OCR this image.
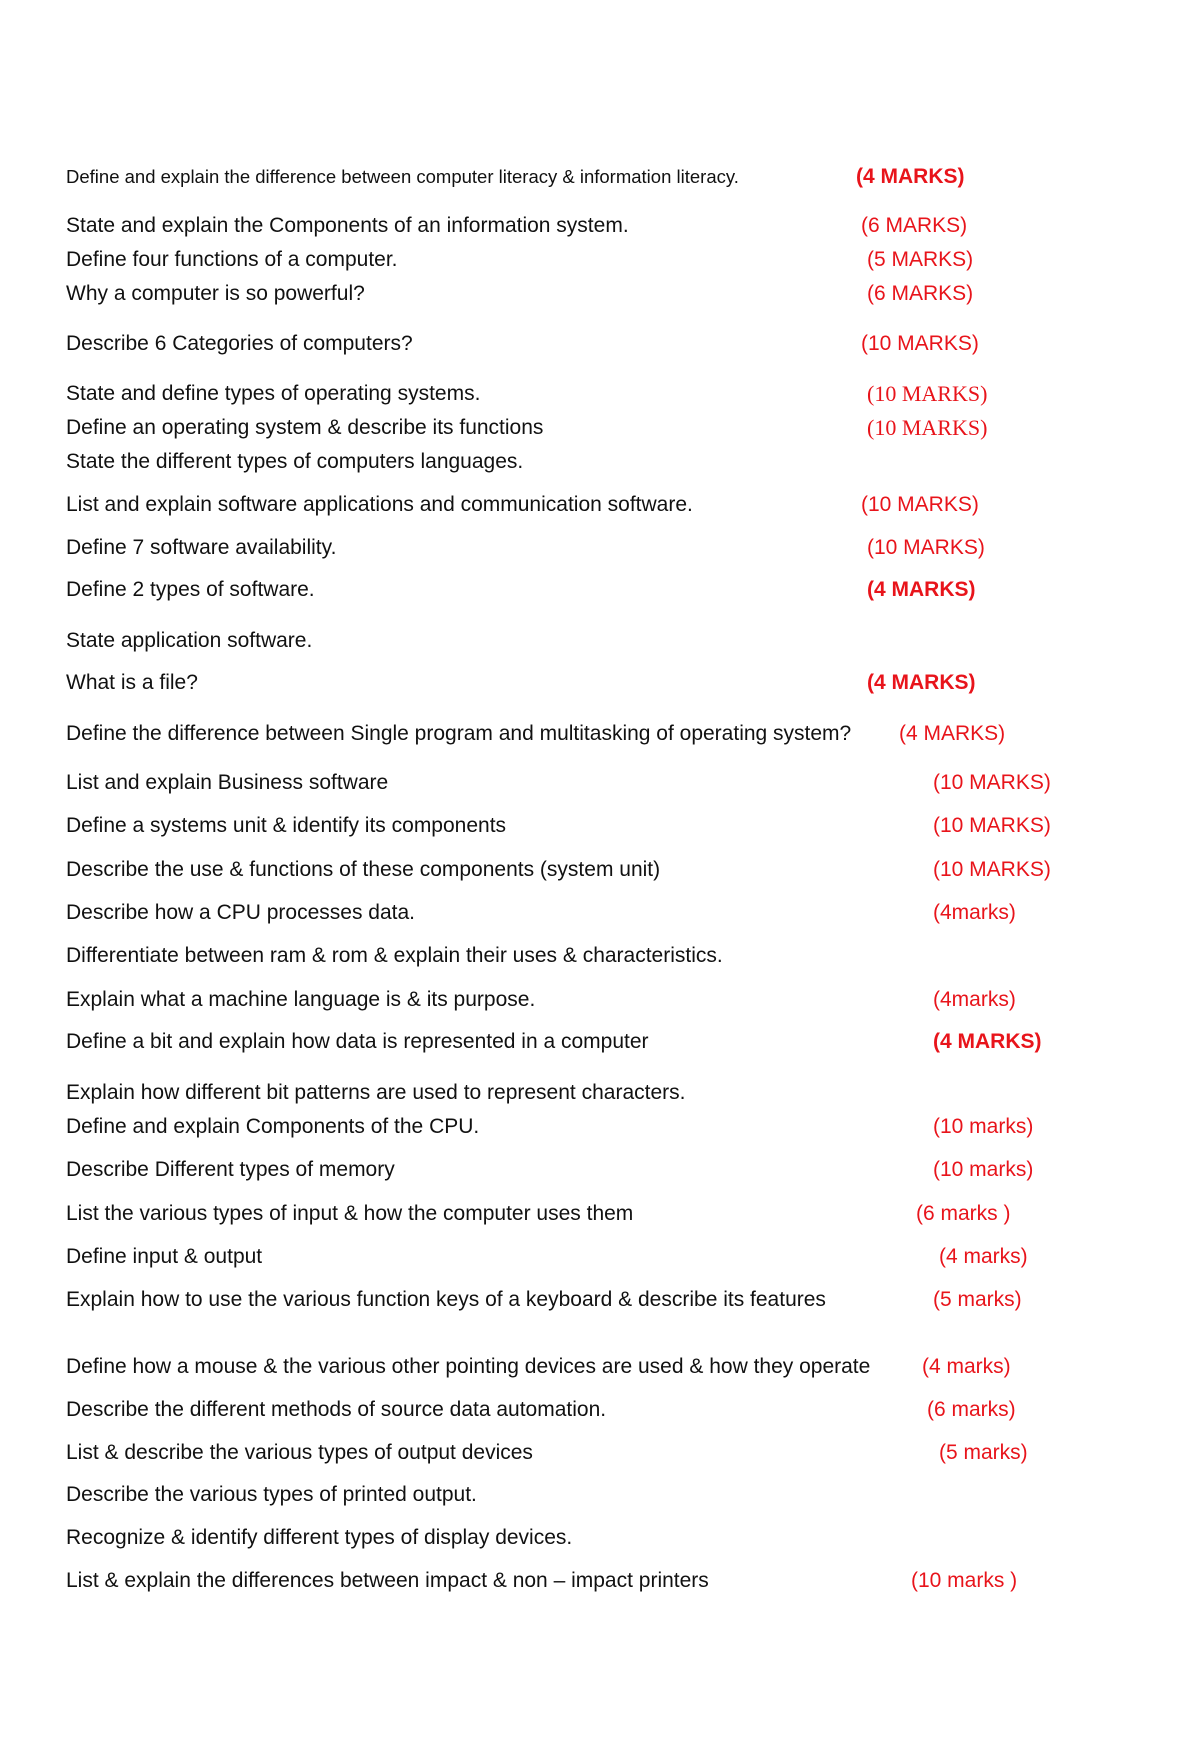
Define and explain the difference between computer literacy & information literacy.	(4 MARKS)
State and explain the Components of an information system.	(6 MARKS)
Define four functions of a computer.	(5 MARKS)
Why a computer is so powerful?	(6 MARKS)
Describe 6 Categories of computers?	(10 MARKS)
State and define types of operating systems.	(10 MARKS)
Define an operating system & describe its functions	(10 MARKS)
State the different types of computers languages.
List and explain software applications and communication software.	(10 MARKS)
Define 7 software availability.	(10 MARKS)
Define 2 types of software.	(4 MARKS)
State application software.
What is a file?	(4 MARKS)
Define the difference between Single program and multitasking of operating system? (4 MARKS)
List and explain Business software	(10 MARKS)
Define a systems unit & identify its components	(10 MARKS)
Describe the use & functions of these components (system unit)	(10 MARKS)
Describe how a CPU processes data.	(4marks)
Differentiate between ram & rom & explain their uses & characteristics.
Explain what a machine language is & its purpose.	(4marks)
Define a bit and explain how data is represented in a computer	(4 MARKS)
Explain how different bit patterns are used to represent characters.
Define and explain Components of the CPU.	(10 marks)
Describe Different types of memory	(10 marks)
List the various types of input & how the computer uses them	(6 marks )
Define input & output	(4 marks)
Explain how to use the various function keys of a keyboard & describe its features	(5 marks)
Define how a mouse & the various other pointing devices are used & how they operate (4 marks)
Describe the different methods of source data automation.	(6 marks)
List & describe the various types of output devices	(5 marks)
Describe the various types of printed output.
Recognize & identify different types of display devices.
List & explain the differences between impact & non – impact printers	(10 marks )
